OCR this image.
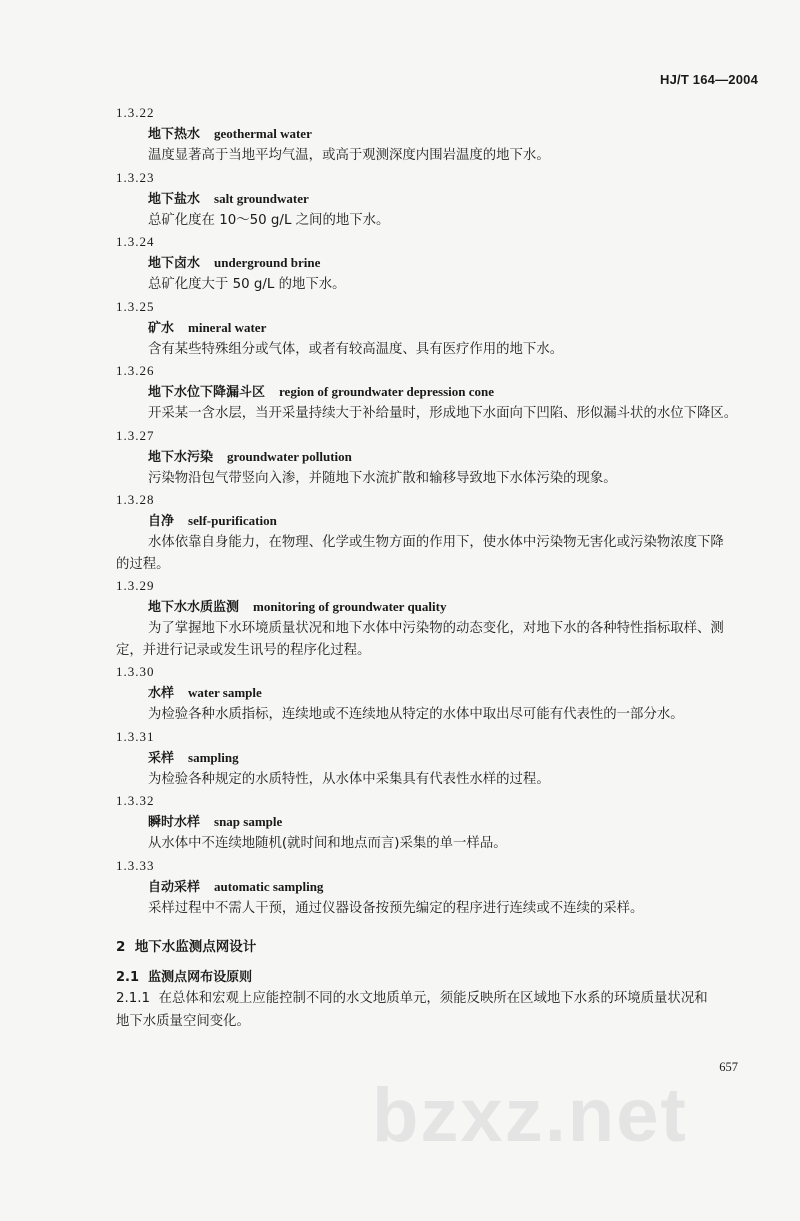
HJ/T 164—2004
1.3.22
地下热水 geothermal water
温度显著高于当地平均气温，或高于观测深度内围岩温度的地下水。
1.3.23
地下盐水 salt groundwater
总矿化度在 10～50 g/L 之间的地下水。
1.3.24
地下卤水 underground brine
总矿化度大于 50 g/L 的地下水。
1.3.25
矿水 mineral water
含有某些特殊组分或气体，或者有较高温度、具有医疗作用的地下水。
1.3.26
地下水位下降漏斗区 region of groundwater depression cone
开采某一含水层，当开采量持续大于补给量时，形成地下水面向下凹陷、形似漏斗状的水位下降区。
1.3.27
地下水污染 groundwater pollution
污染物沿包气带竖向入渗，并随地下水流扩散和输移导致地下水体污染的现象。
1.3.28
自净 self-purification
水体依靠自身能力，在物理、化学或生物方面的作用下，使水体中污染物无害化或污染物浓度下降
的过程。
1.3.29
地下水水质监测 monitoring of groundwater quality
为了掌握地下水环境质量状况和地下水体中污染物的动态变化，对地下水的各种特性指标取样、测
定，并进行记录或发生讯号的程序化过程。
1.3.30
水样 water sample
为检验各种水质指标，连续地或不连续地从特定的水体中取出尽可能有代表性的一部分水。
1.3.31
采样 sampling
为检验各种规定的水质特性，从水体中采集具有代表性水样的过程。
1.3.32
瞬时水样 snap sample
从水体中不连续地随机(就时间和地点而言)采集的单一样品。
1.3.33
自动采样 automatic sampling
采样过程中不需人干预，通过仪器设备按预先编定的程序进行连续或不连续的采样。
2 地下水监测点网设计
2.1 监测点网布设原则
2.1.1 在总体和宏观上应能控制不同的水文地质单元，须能反映所在区域地下水系的环境质量状况和
地下水质量空间变化。
657
bzxz.net
